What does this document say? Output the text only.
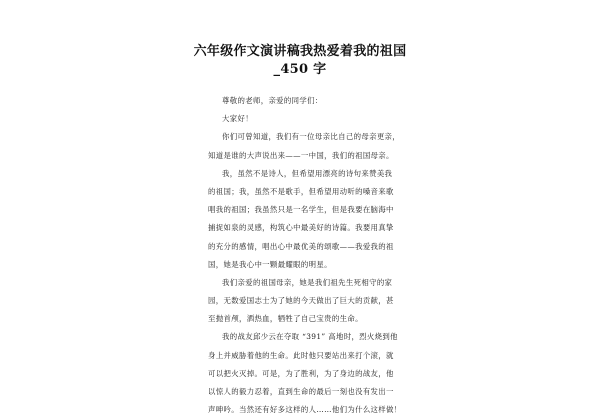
六年级作文演讲稿我热爱着我的祖国
_450 字
尊敬的老师，亲爱的同学们：
大家好！
你们可曾知道，我们有一位母亲比自己的母亲更亲，
知道是谁的大声说出来——一中国，我们的祖国母亲。
我，虽然不是诗人，但希望用漂亮的诗句来赞美我
的祖国；我，虽然不是歌手，但希望用动听的嗓音来歌
唱我的祖国；我虽然只是一名学生，但是我要在脑海中
捕捉如泉的灵感，构筑心中最美好的诗篇。我要用真挚
的充分的感情，唱出心中最优美的颂歌——我爱我的祖
国，她是我心中一颗最耀眼的明星。
我们亲爱的祖国母亲，她是我们祖先生死相守的家
园，无数爱国志士为了她的今天做出了巨大的贡献，甚
至抛首颅，洒热血，牺牲了自己宝贵的生命。
我的战友邱少云在夺取 “391” 高地时，烈火烧到他
身上并威胁着他的生命。此时他只要站出来打个滚，就
可以把火灭掉。可是，为了胜利，为了身边的战友，他
以惊人的毅力忍着，直到生命的最后一刻也没有发出一
声呻吟。当然还有好多这样的人……他们为什么这样做！
